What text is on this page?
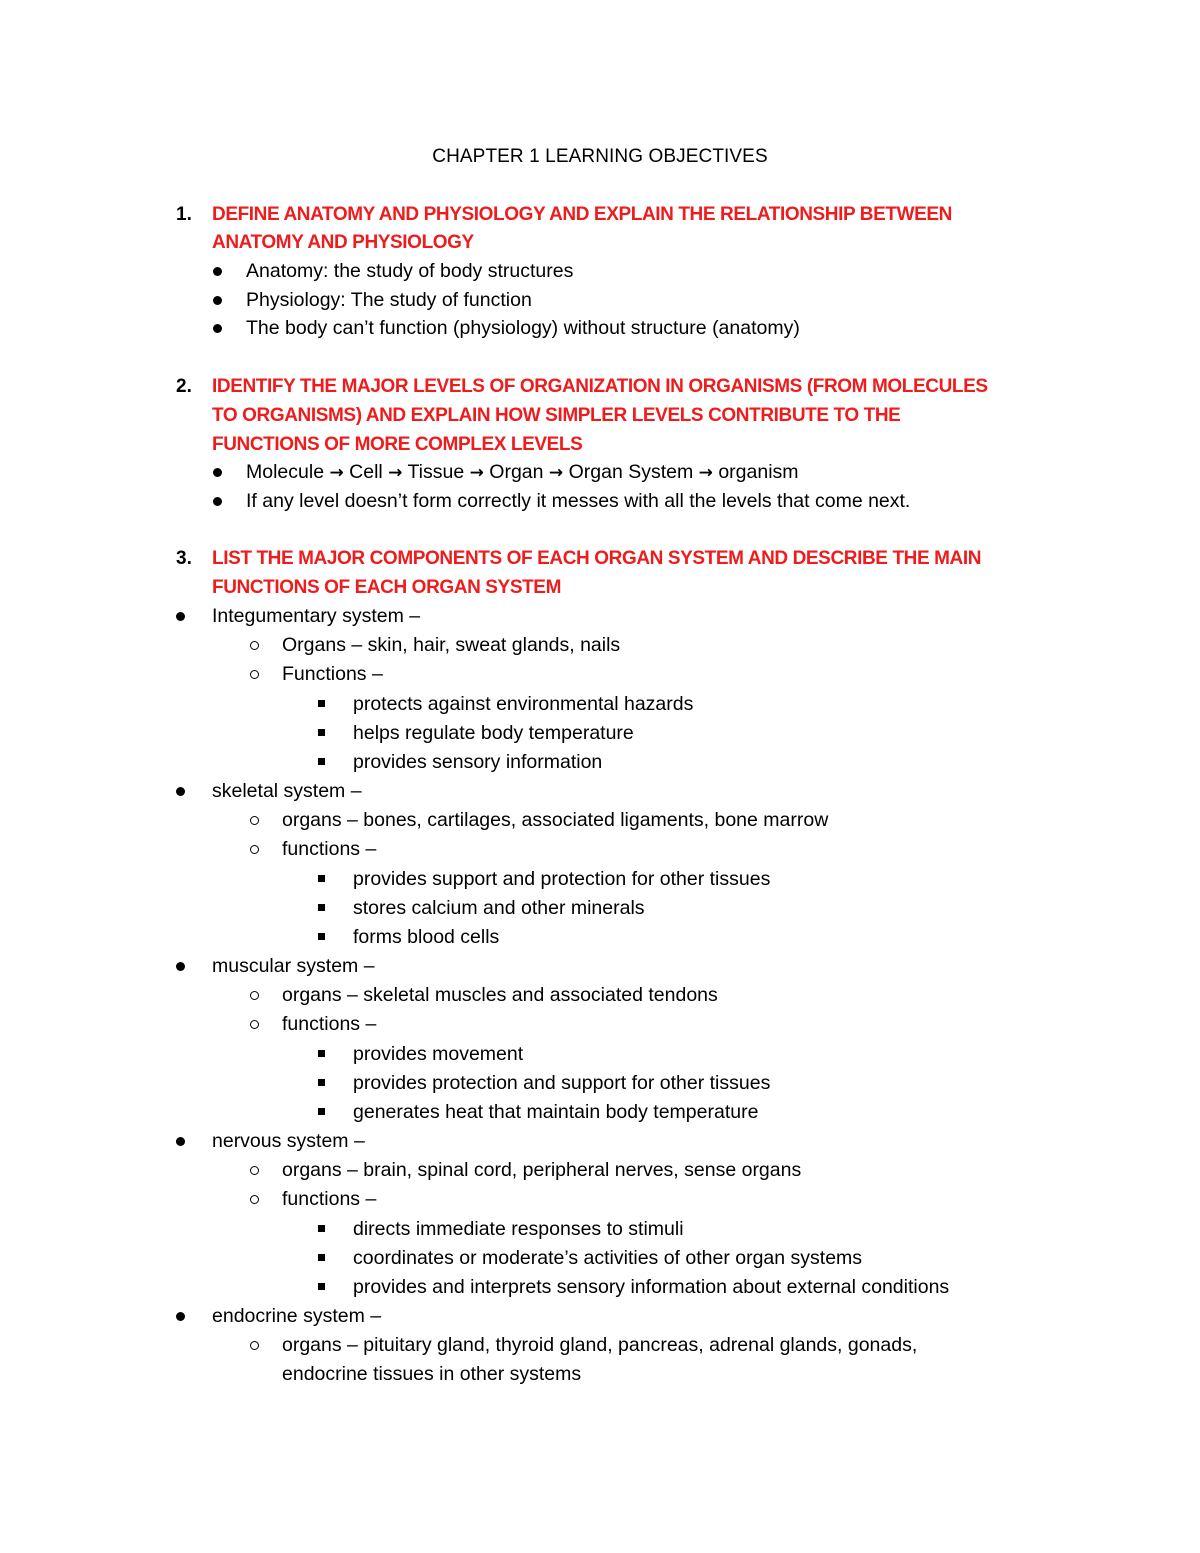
CHAPTER 1 LEARNING OBJECTIVES
1. DEFINE ANATOMY AND PHYSIOLOGY AND EXPLAIN THE RELATIONSHIP BETWEEN
ANATOMY AND PHYSIOLOGY
Anatomy: the study of body structures
Physiology: The study of function
The body can’t function (physiology) without structure (anatomy)
2. IDENTIFY THE MAJOR LEVELS OF ORGANIZATION IN ORGANISMS (FROM MOLECULES
TO ORGANISMS) AND EXPLAIN HOW SIMPLER LEVELS CONTRIBUTE TO THE
FUNCTIONS OF MORE COMPLEX LEVELS
Molecule → Cell → Tissue → Organ → Organ System → organism
If any level doesn’t form correctly it messes with all the levels that come next.
3. LIST THE MAJOR COMPONENTS OF EACH ORGAN SYSTEM AND DESCRIBE THE MAIN
FUNCTIONS OF EACH ORGAN SYSTEM
Integumentary system –
Organs – skin, hair, sweat glands, nails
Functions –
protects against environmental hazards
helps regulate body temperature
provides sensory information
skeletal system –
organs – bones, cartilages, associated ligaments, bone marrow
functions –
provides support and protection for other tissues
stores calcium and other minerals
forms blood cells
muscular system –
organs – skeletal muscles and associated tendons
functions –
provides movement
provides protection and support for other tissues
generates heat that maintain body temperature
nervous system –
organs – brain, spinal cord, peripheral nerves, sense organs
functions –
directs immediate responses to stimuli
coordinates or moderate’s activities of other organ systems
provides and interprets sensory information about external conditions
endocrine system –
organs – pituitary gland, thyroid gland, pancreas, adrenal glands, gonads,
endocrine tissues in other systems
